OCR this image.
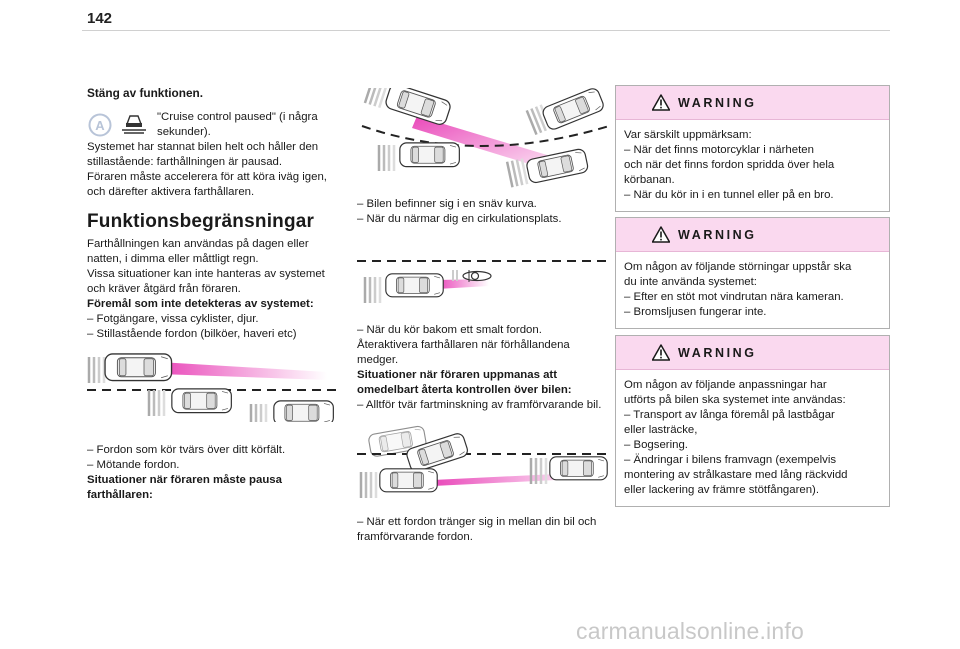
142
Stäng av funktionen.
A
"Cruise control paused" (i några sekunder).

Systemet har stannat bilen helt och håller den

stillastående: farthållningen är pausad.

Föraren måste accelerera för att köra iväg igen,

och därefter aktivera farthållaren.

Funktionsbegränsningar

Farthållningen kan användas på dagen eller

natten, i dimma eller måttligt regn.

Vissa situationer kan inte hanteras av systemet

och kräver åtgärd från föraren.

Föremål som inte detekteras av systemet:

– Fotgängare, vissa cyklister, djur.

– Stillastående fordon (bilköer, haveri etc)

– Fordon som kör tvärs över ditt körfält.

– Mötande fordon.

Situationer när föraren måste pausa

farthållaren:

– Bilen befinner sig i en snäv kurva.

– När du närmar dig en cirkulationsplats.

– När du kör bakom ett smalt fordon.

Återaktivera farthållaren när förhållandena

medger.

Situationer när föraren uppmanas att

omedelbart återta kontrollen över bilen:

– Alltför tvär fartminskning av framförvarande bil.

– När ett fordon tränger sig in mellan din bil och

framförvarande fordon.

WARNING

Var särskilt uppmärksam:

– När det finns motorcyklar i närheten

och när det finns fordon spridda över hela

körbanan.

– När du kör in i en tunnel eller på en bro.

WARNING

Om någon av följande störningar uppstår ska

du inte använda systemet:

– Efter en stöt mot vindrutan nära kameran.

– Bromsljusen fungerar inte.

WARNING

Om någon av följande anpassningar har

utförts på bilen ska systemet inte användas:

– Transport av långa föremål på lastbågar

eller lasträcke,

– Bogsering.

– Ändringar i bilens framvagn (exempelvis

montering av strålkastare med lång räckvidd

eller lackering av främre stötfångaren).

carmanualsonline.info
